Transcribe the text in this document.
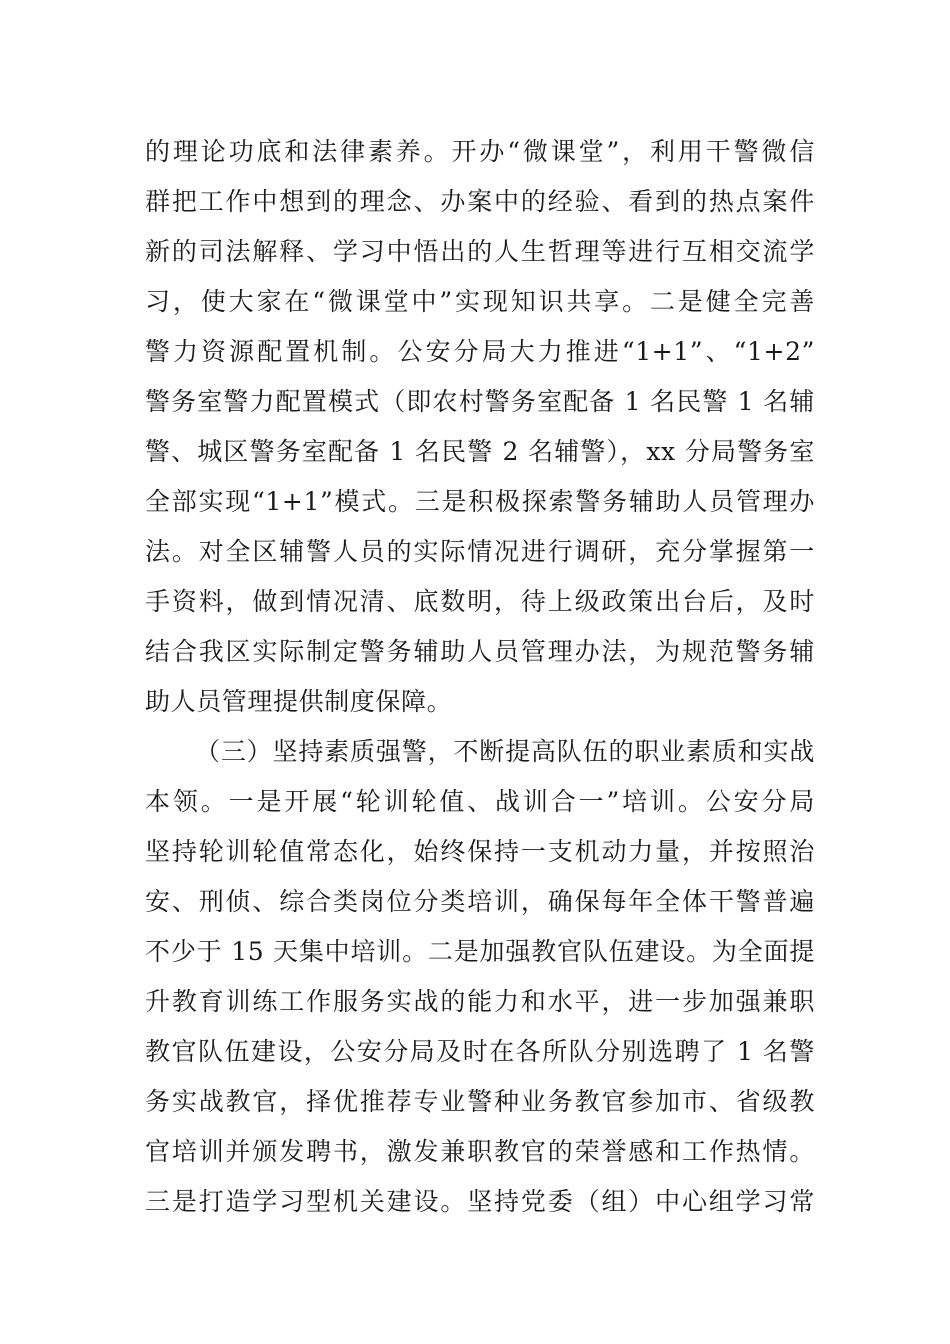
的理论功底和法律素养。开办“微课堂”，利用干警微信
群把工作中想到的理念、办案中的经验、看到的热点案件
新的司法解释、学习中悟出的人生哲理等进行互相交流学
习，使大家在“微课堂中”实现知识共享。二是健全完善
警力资源配置机制。公安分局大力推进“1+1”、“1+2”
警务室警力配置模式（即农村警务室配备 1 名民警 1 名辅
警、城区警务室配备 1 名民警 2 名辅警），xx 分局警务室
全部实现“1+1”模式。三是积极探索警务辅助人员管理办
法。对全区辅警人员的实际情况进行调研，充分掌握第一
手资料，做到情况清、底数明，待上级政策出台后，及时
结合我区实际制定警务辅助人员管理办法，为规范警务辅
助人员管理提供制度保障。
（三）坚持素质强警，不断提高队伍的职业素质和实战
本领。一是开展“轮训轮值、战训合一”培训。公安分局
坚持轮训轮值常态化，始终保持一支机动力量，并按照治
安、刑侦、综合类岗位分类培训，确保每年全体干警普遍
不少于 15 天集中培训。二是加强教官队伍建设。为全面提
升教育训练工作服务实战的能力和水平，进一步加强兼职
教官队伍建设，公安分局及时在各所队分别选聘了 1 名警
务实战教官，择优推荐专业警种业务教官参加市、省级教
官培训并颁发聘书，激发兼职教官的荣誉感和工作热情。
三是打造学习型机关建设。坚持党委（组）中心组学习常
